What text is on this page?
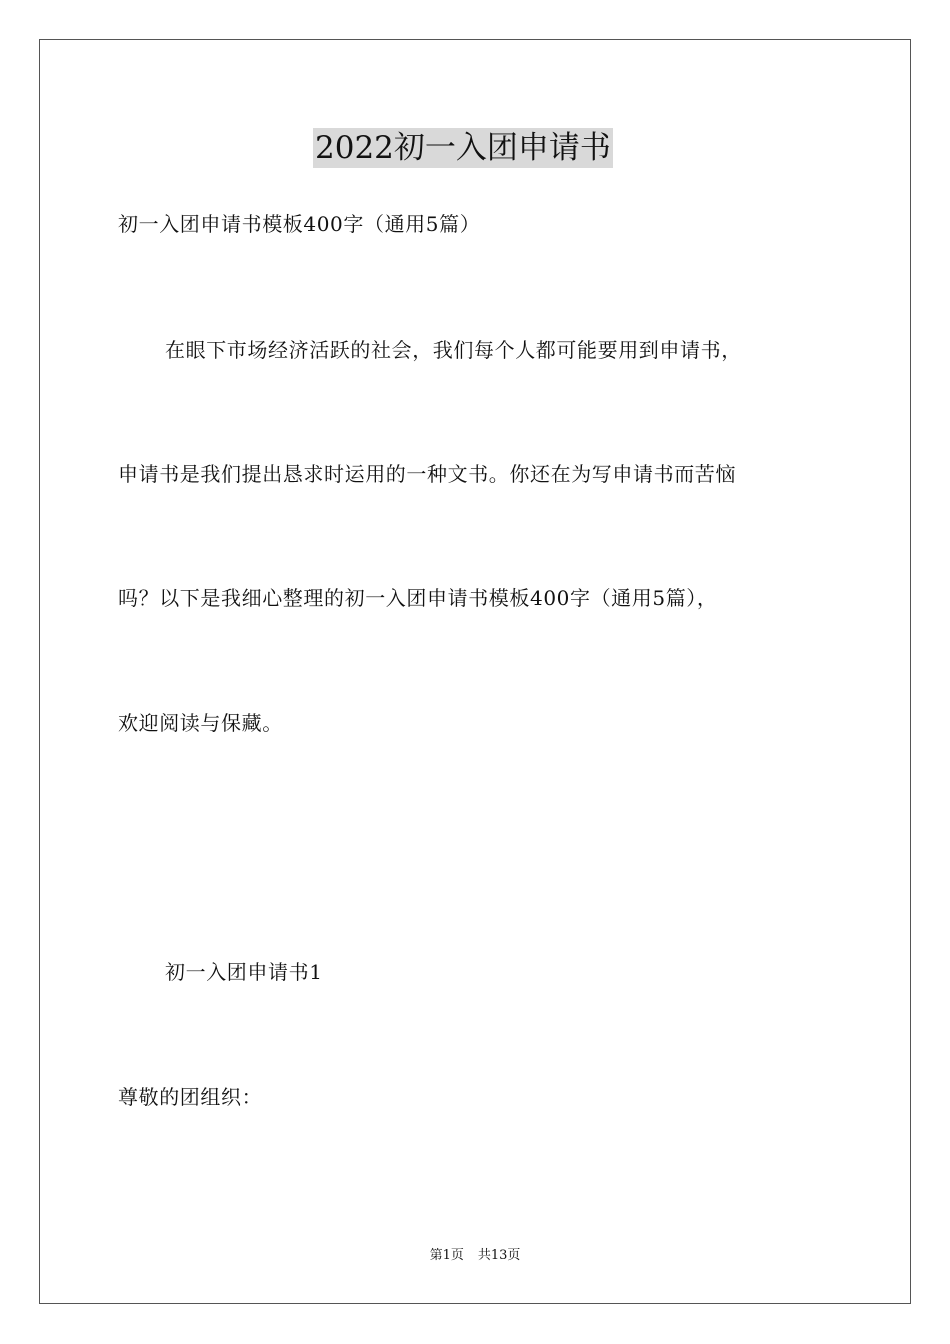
2022初一入团申请书
初一入团申请书模板400字（通用5篇）
在眼下市场经济活跃的社会，我们每个人都可能要用到申请书，
申请书是我们提出恳求时运用的一种文书。你还在为写申请书而苦恼
吗？以下是我细心整理的初一入团申请书模板400字（通用5篇），
欢迎阅读与保藏。
初一入团申请书1
尊敬的团组织：
第1页 共13页
